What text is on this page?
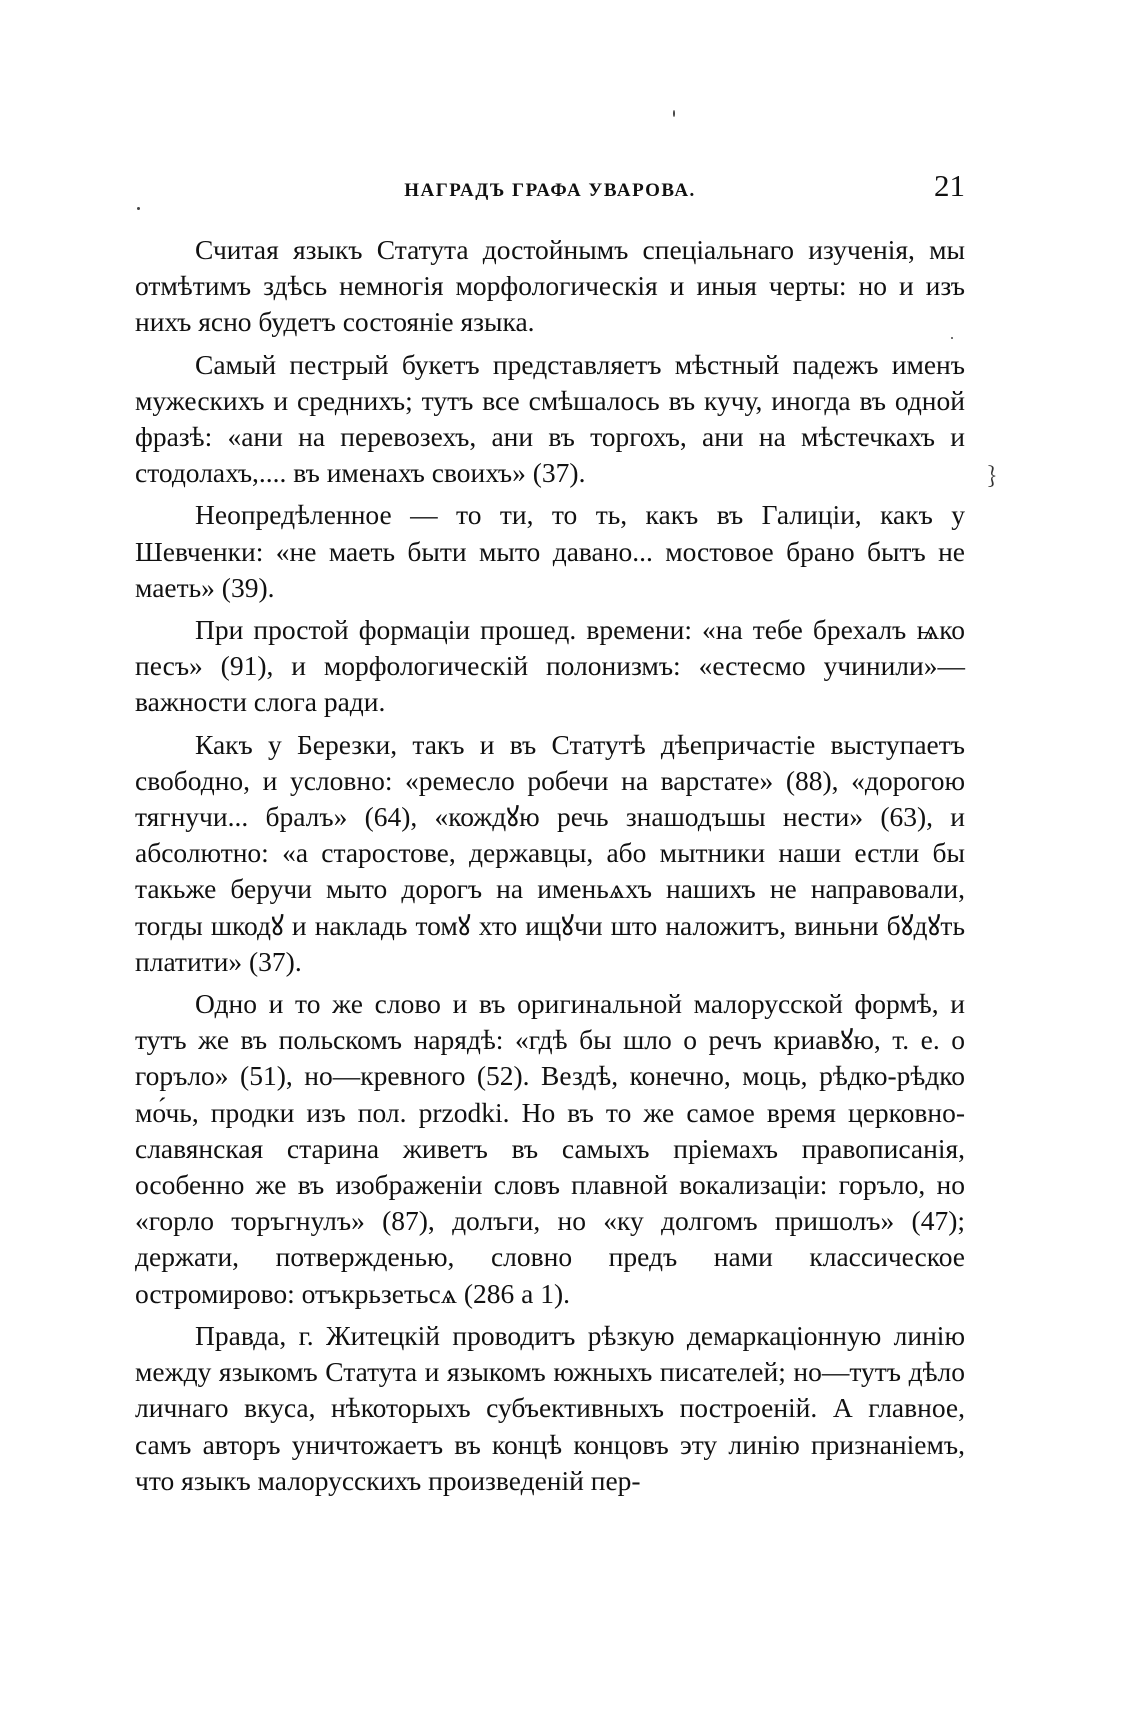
НАГРАДЪ ГРАФА УВАРОВА.	21

Считая языкъ Статута достойнымъ спеціальнаго изученія, мы отмѣтимъ здѣсь немногія морфологическія и иныя черты: но и изъ нихъ ясно будетъ состояніе языка.

Самый пестрый букетъ представляетъ мѣстный падежъ именъ мужескихъ и среднихъ; тутъ все смѣшалось въ кучу, иногда въ одной фразѣ: «ани на перевозехъ, ани въ торгохъ, ани на мѣстечкахъ и стодолахъ,.... въ именахъ своихъ» (37).

Неопредѣленное — то ти, то ть, какъ въ Галиціи, какъ у Шевченки: «не маеть быти мыто давано... мостовое брано бытъ не маеть» (39).

При простой формаціи прошед. времени: «на тебе брехалъ ѩко песъ» (91), и морфологическій полонизмъ: «естесмо учинили»— важности слога ради.

Какъ у Березки, такъ и въ Статутѣ дѣепричастіе выступаетъ свободно, и условно: «ремесло робечи на варстате» (88), «дорогою тягнучи... бралъ» (64), «кождꙋю речь знашодъшы нести» (63), и абсолютно: «а старостове, державцы, або мытники наши естли бы такьже беручи мыто дорогъ на именьѧхъ нашихъ не направовали, тогды шкодꙋ и накладь томꙋ хто ищꙋчи што наложитъ, виньни бꙋдꙋть платити» (37).

Одно и то же слово и въ оригинальной малорусской формѣ, и тутъ же въ польскомъ нарядѣ: «гдѣ бы шло о речъ криавꙋю, т. е. о горъло» (51), но—кревного (52). Вездѣ, конечно, моць, рѣдко-рѣдко мо́чь, продки изъ пол. przodki. Но въ то же самое время церковно-славянская старина живетъ въ самыхъ пріемахъ правописанія, особенно же въ изображеніи словъ плавной вокализаціи: горъло, но «горло торъгнулъ» (87), долъги, но «ку долгомъ пришолъ» (47); держати, потвержденью, словно предъ нами классическое остромирово: отъкрьзетьсѧ (286 а 1).

Правда, г. Житецкій проводитъ рѣзкую демаркаціонную линію между языкомъ Статута и языкомъ южныхъ писателей; но—тутъ дѣло личнаго вкуса, нѣкоторыхъ субъективныхъ построеній. А главное, самъ авторъ уничтожаетъ въ концѣ концовъ эту линію признаніемъ, что языкъ малорусскихъ произведеній пер-

﹜
